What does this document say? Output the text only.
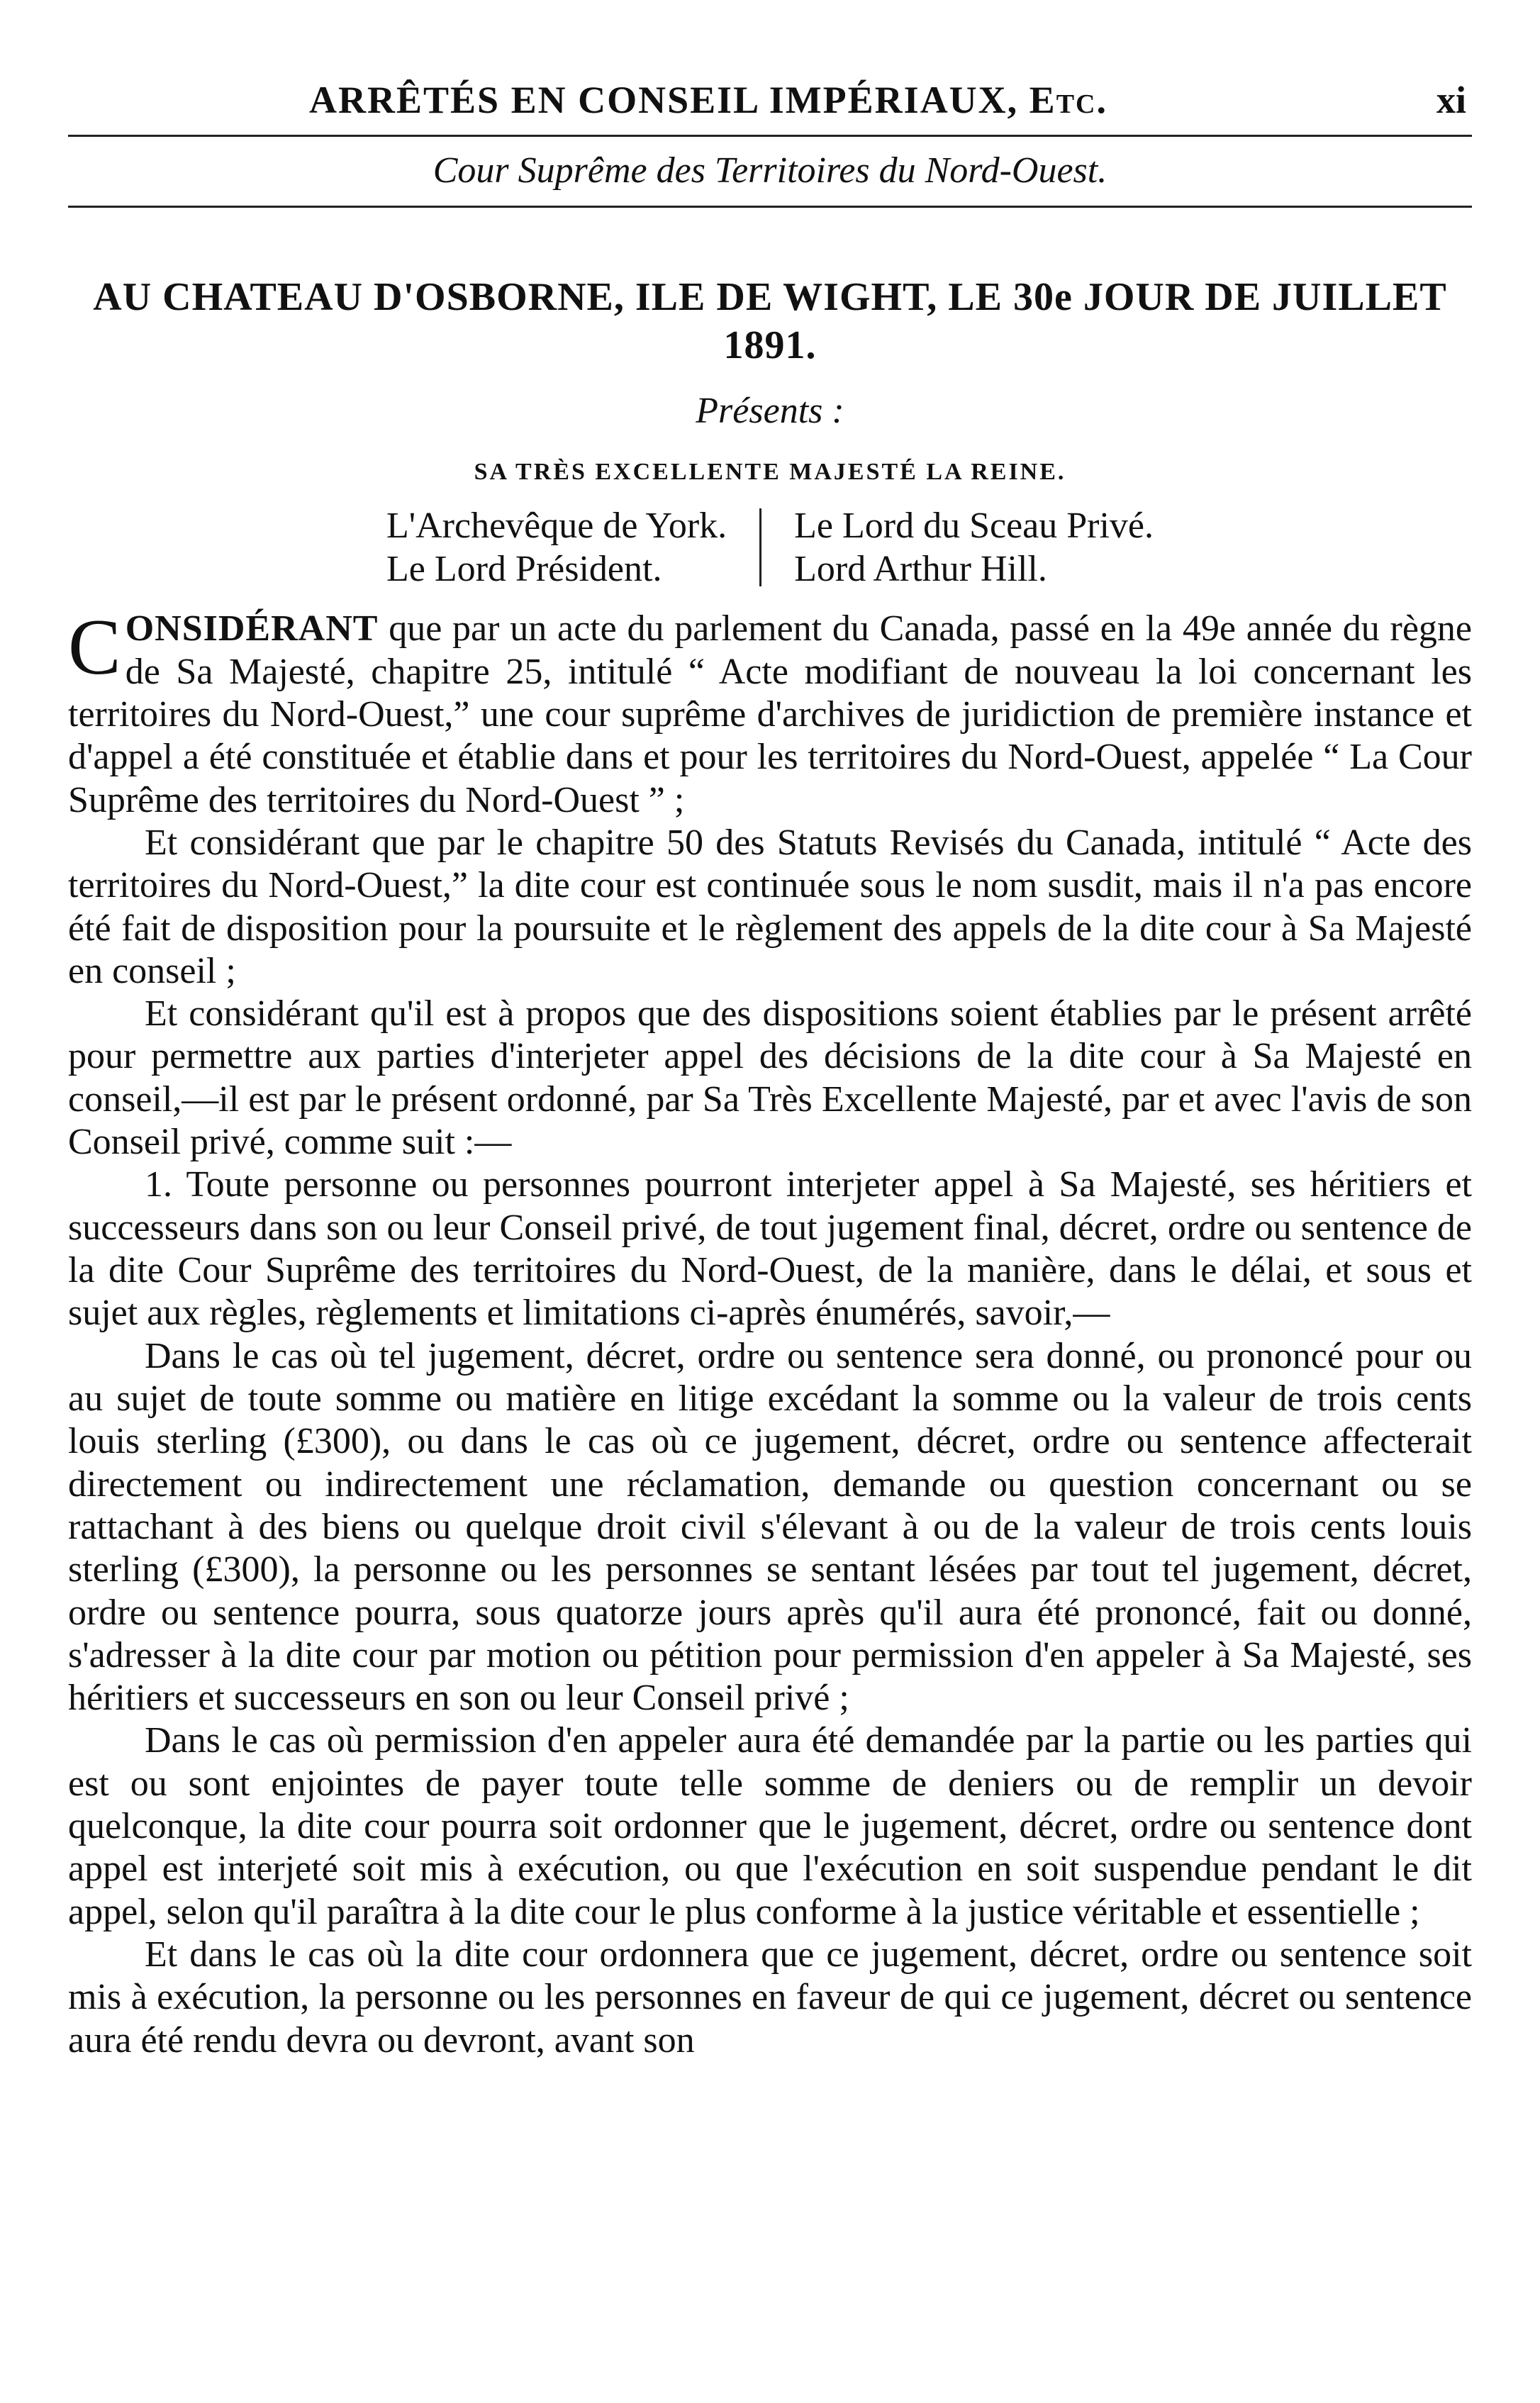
ARRÊTÉS EN CONSEIL IMPÉRIAUX, Etc.	xi
Cour Suprême des Territoires du Nord-Ouest.
AU CHATEAU D'OSBORNE, ILE DE WIGHT, LE 30e JOUR DE JUILLET 1891.
Présents :
SA TRÈS EXCELLENTE MAJESTÉ LA REINE.
L'Archevêque de York.
Le Lord Président.
Le Lord du Sceau Privé.
Lord Arthur Hill.

CONSIDÉRANT que par un acte du parlement du Canada, passé en la 49e année du règne de Sa Majesté, chapitre 25, intitulé “ Acte modifiant de nouveau la loi concernant les territoires du Nord-Ouest,” une cour suprême d'archives de juridiction de première instance et d'appel a été constituée et établie dans et pour les territoires du Nord-Ouest, appelée “ La Cour Suprême des territoires du Nord-Ouest ” ;

Et considérant que par le chapitre 50 des Statuts Revisés du Canada, intitulé “ Acte des territoires du Nord-Ouest,” la dite cour est continuée sous le nom susdit, mais il n'a pas encore été fait de disposition pour la poursuite et le règlement des appels de la dite cour à Sa Majesté en conseil ;

Et considérant qu'il est à propos que des dispositions soient établies par le présent arrêté pour permettre aux parties d'interjeter appel des décisions de la dite cour à Sa Majesté en conseil,—il est par le présent ordonné, par Sa Très Excellente Majesté, par et avec l'avis de son Conseil privé, comme suit :—

1. Toute personne ou personnes pourront interjeter appel à Sa Majesté, ses héritiers et successeurs dans son ou leur Conseil privé, de tout jugement final, décret, ordre ou sentence de la dite Cour Suprême des territoires du Nord-Ouest, de la manière, dans le délai, et sous et sujet aux règles, règlements et limitations ci-après énumérés, savoir,—

Dans le cas où tel jugement, décret, ordre ou sentence sera donné, ou prononcé pour ou au sujet de toute somme ou matière en litige excédant la somme ou la valeur de trois cents louis sterling (£300), ou dans le cas où ce jugement, décret, ordre ou sentence affecterait directement ou indirectement une réclamation, demande ou question concernant ou se rattachant à des biens ou quelque droit civil s'élevant à ou de la valeur de trois cents louis sterling (£300), la personne ou les personnes se sentant lésées par tout tel jugement, décret, ordre ou sentence pourra, sous quatorze jours après qu'il aura été prononcé, fait ou donné, s'adresser à la dite cour par motion ou pétition pour permission d'en appeler à Sa Majesté, ses héritiers et successeurs en son ou leur Conseil privé ;

Dans le cas où permission d'en appeler aura été demandée par la partie ou les parties qui est ou sont enjointes de payer toute telle somme de deniers ou de remplir un devoir quelconque, la dite cour pourra soit ordonner que le jugement, décret, ordre ou sentence dont appel est interjeté soit mis à exécution, ou que l'exécution en soit suspendue pendant le dit appel, selon qu'il paraîtra à la dite cour le plus conforme à la justice véritable et essentielle ;

Et dans le cas où la dite cour ordonnera que ce jugement, décret, ordre ou sentence soit mis à exécution, la personne ou les personnes en faveur de qui ce jugement, décret ou sentence aura été rendu devra ou devront, avant son
